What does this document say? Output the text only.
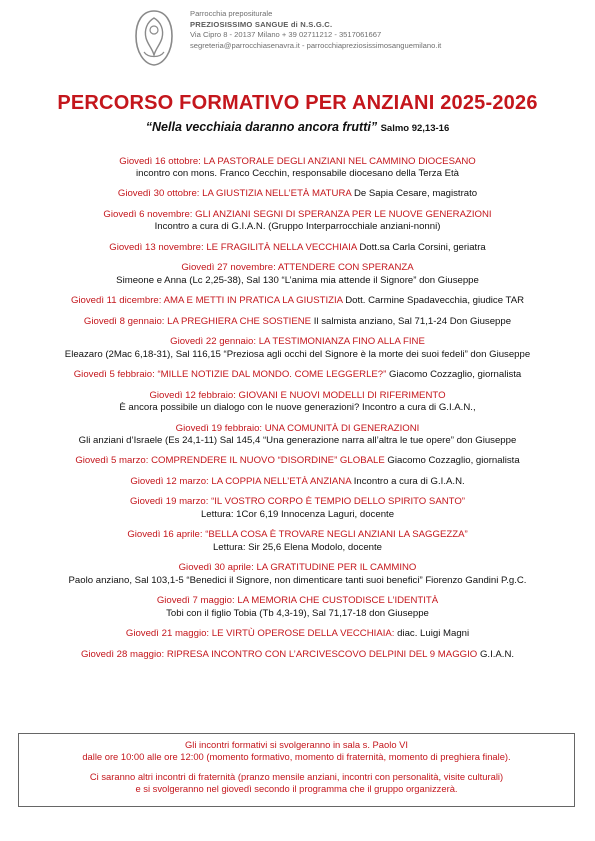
Parrocchia prepositurale
PREZIOSISSIMO SANGUE di N.S.G.C.
Via Cipro 8 - 20137 Milano + 39 02711212 - 3517061667
segreteria@parrocchiasenavra.it - parrocchiapreziosissimosanguemilano.it
PERCORSO FORMATIVO PER ANZIANI 2025-2026
“Nella vecchiaia daranno ancora frutti” Salmo 92,13-16
Giovedì 16 ottobre: LA PASTORALE DEGLI ANZIANI NEL CAMMINO DIOCESANO
incontro con mons. Franco Cecchin, responsabile diocesano della Terza Età
Giovedì 30 ottobre: LA GIUSTIZIA NELL’ETÀ MATURA De Sapia Cesare, magistrato
Giovedì 6 novembre: GLI ANZIANI SEGNI DI SPERANZA PER LE NUOVE GENERAZIONI
Incontro a cura di G.I.A.N. (Gruppo Interparrocchiale anziani-nonni)
Giovedì 13 novembre: LE FRAGILITÀ NELLA VECCHIAIA Dott.sa Carla Corsini, geriatra
Giovedì 27 novembre: ATTENDERE CON SPERANZA
Simeone e Anna (Lc 2,25-38), Sal 130 “L’anima mia attende il Signore” don Giuseppe
Giovedì 11 dicembre: AMA E METTI IN PRATICA LA GIUSTIZIA Dott. Carmine Spadavecchia, giudice TAR
Giovedì 8 gennaio: LA PREGHIERA CHE SOSTIENE Il salmista anziano, Sal 71,1-24 Don Giuseppe
Giovedì 22 gennaio: LA TESTIMONIANZA FINO ALLA FINE
Eleazaro (2Mac 6,18-31), Sal 116,15 “Preziosa agli occhi del Signore è la morte dei suoi fedeli” don Giuseppe
Giovedì 5 febbraio: “MILLE NOTIZIE DAL MONDO. COME LEGGERLE?” Giacomo Cozzaglio, giornalista
Giovedì 12 febbraio: GIOVANI E NUOVI MODELLI DI RIFERIMENTO
È ancora possibile un dialogo con le nuove generazioni? Incontro a cura di G.I.A.N.,
Giovedì 19 febbraio: UNA COMUNITÀ DI GENERAZIONI
Gli anziani d’Israele (Es 24,1-11) Sal 145,4 “Una generazione narra all’altra le tue opere” don Giuseppe
Giovedì 5 marzo: COMPRENDERE IL NUOVO “DISORDINE” GLOBALE Giacomo Cozzaglio, giornalista
Giovedì 12 marzo: LA COPPIA NELL’ETÀ ANZIANA Incontro a cura di G.I.A.N.
Giovedì 19 marzo: “IL VOSTRO CORPO È TEMPIO DELLO SPIRITO SANTO”
Lettura: 1Cor 6,19 Innocenza Laguri, docente
Giovedì 16 aprile: “BELLA COSA È TROVARE NEGLI ANZIANI LA SAGGEZZA”
Lettura: Sir 25,6 Elena Modolo, docente
Giovedì 30 aprile: LA GRATITUDINE PER IL CAMMINO
Paolo anziano, Sal 103,1-5 “Benedici il Signore, non dimenticare tanti suoi benefici” Fiorenzo Gandini P.g.C.
Giovedì 7 maggio: LA MEMORIA CHE CUSTODISCE L’IDENTITÀ
Tobi con il figlio Tobia (Tb 4,3-19), Sal 71,17-18 don Giuseppe
Giovedì 21 maggio: LE VIRTÙ OPEROSE DELLA VECCHIAIA: diac. Luigi Magni
Giovedì 28 maggio: RIPRESA INCONTRO CON L’ARCIVESCOVO DELPINI DEL 9 MAGGIO G.I.A.N.
Gli incontri formativi si svolgeranno in sala s. Paolo VI
dalle ore 10:00 alle ore 12:00 (momento formativo, momento di fraternità, momento di preghiera finale).
Ci saranno altri incontri di fraternità (pranzo mensile anziani, incontri con personalità, visite culturali)
e si svolgeranno nel giovedì secondo il programma che il gruppo organizzerà.
